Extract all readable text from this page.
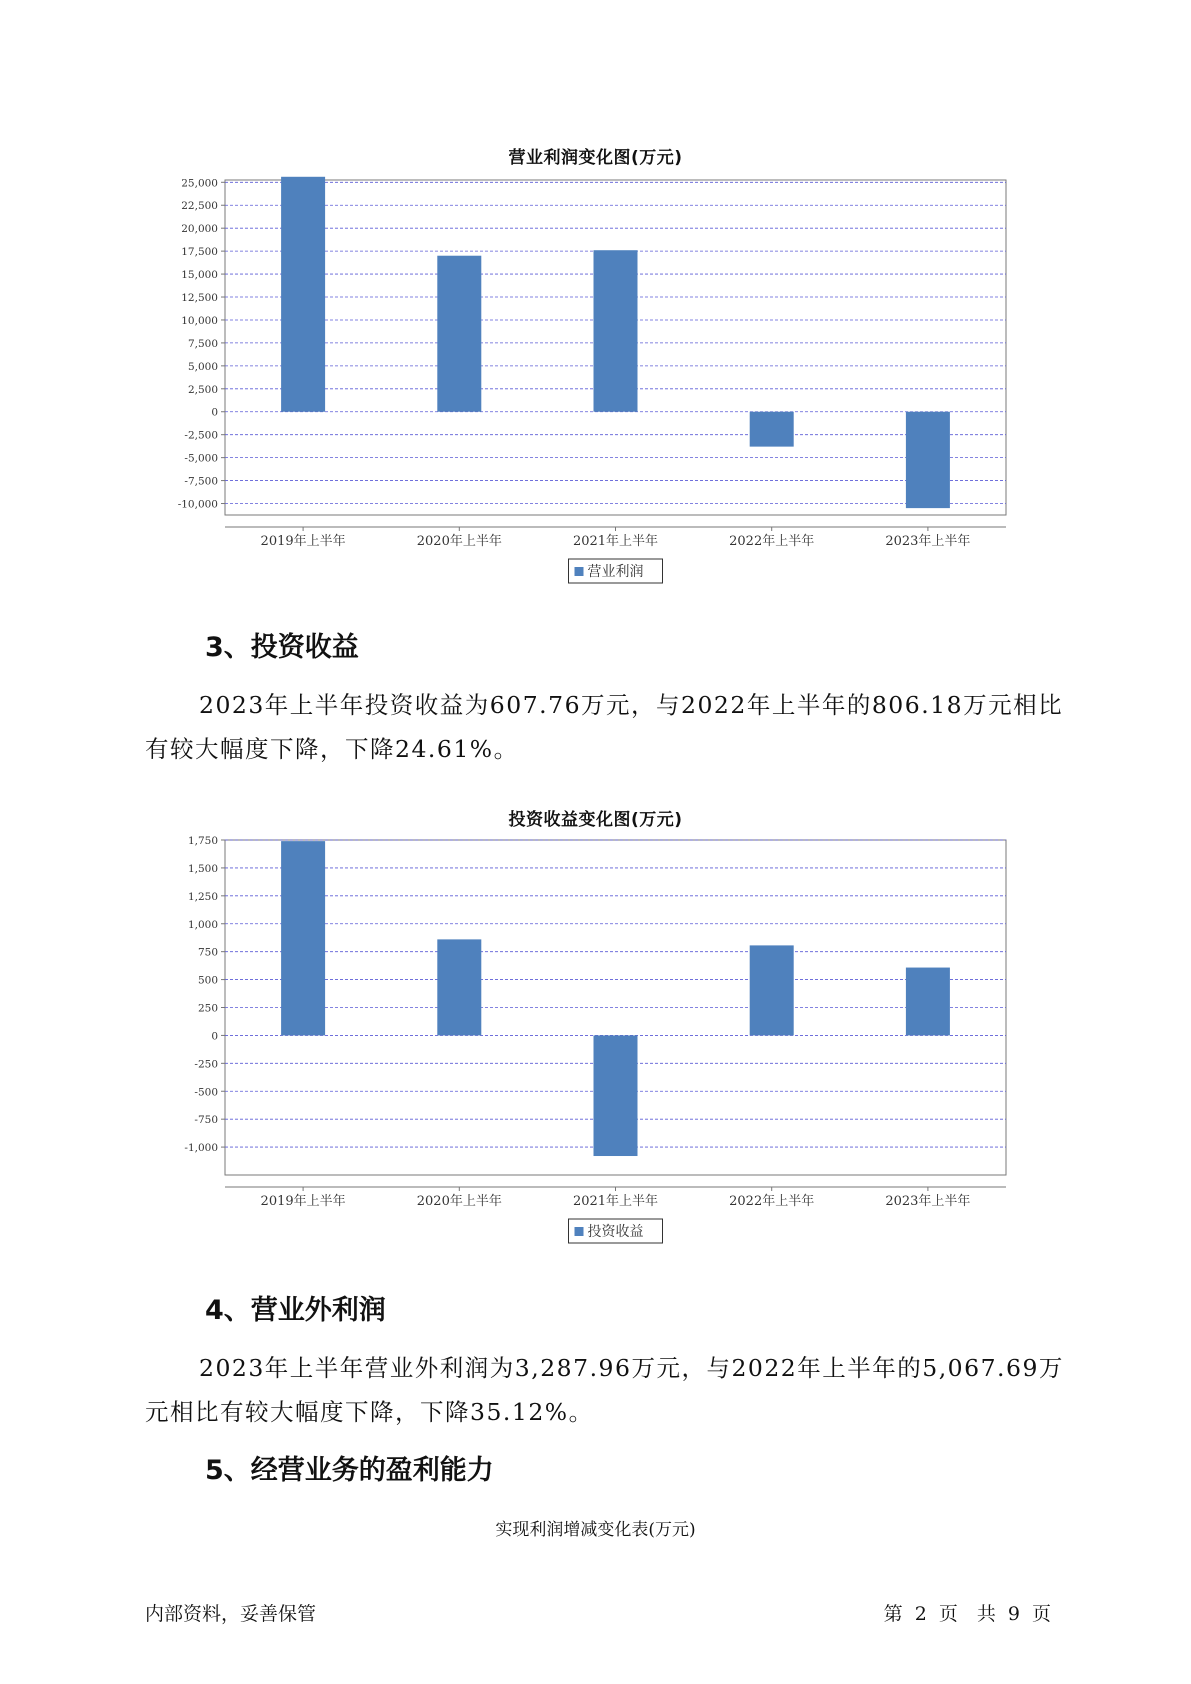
营业利润变化图(万元)
25,000
22,500
20,000
17,500
15,000
12,500
10,000
7,500
5,000
2,500
0
-2,500
-5,000
-7,500
-10,000
2019年上半年	2020年上半年	2021年上半年	2022年上半年	2023年上半年
营业利润
3、投资收益
2023年上半年投资收益为607.76万元，与2022年上半年的806.18万元相比有较大幅度下降，下降24.61%。
投资收益变化图(万元)
1,750
1,500
1,250
1,000
750
500
250
0
-250
-500
-750
-1,000
2019年上半年	2020年上半年	2021年上半年	2022年上半年	2023年上半年
投资收益
4、营业外利润
2023年上半年营业外利润为3,287.96万元，与2022年上半年的5,067.69万元相比有较大幅度下降，下降35.12%。
5、经营业务的盈利能力
实现利润增减变化表(万元)
内部资料，妥善保管	第 2 页　共 9 页
